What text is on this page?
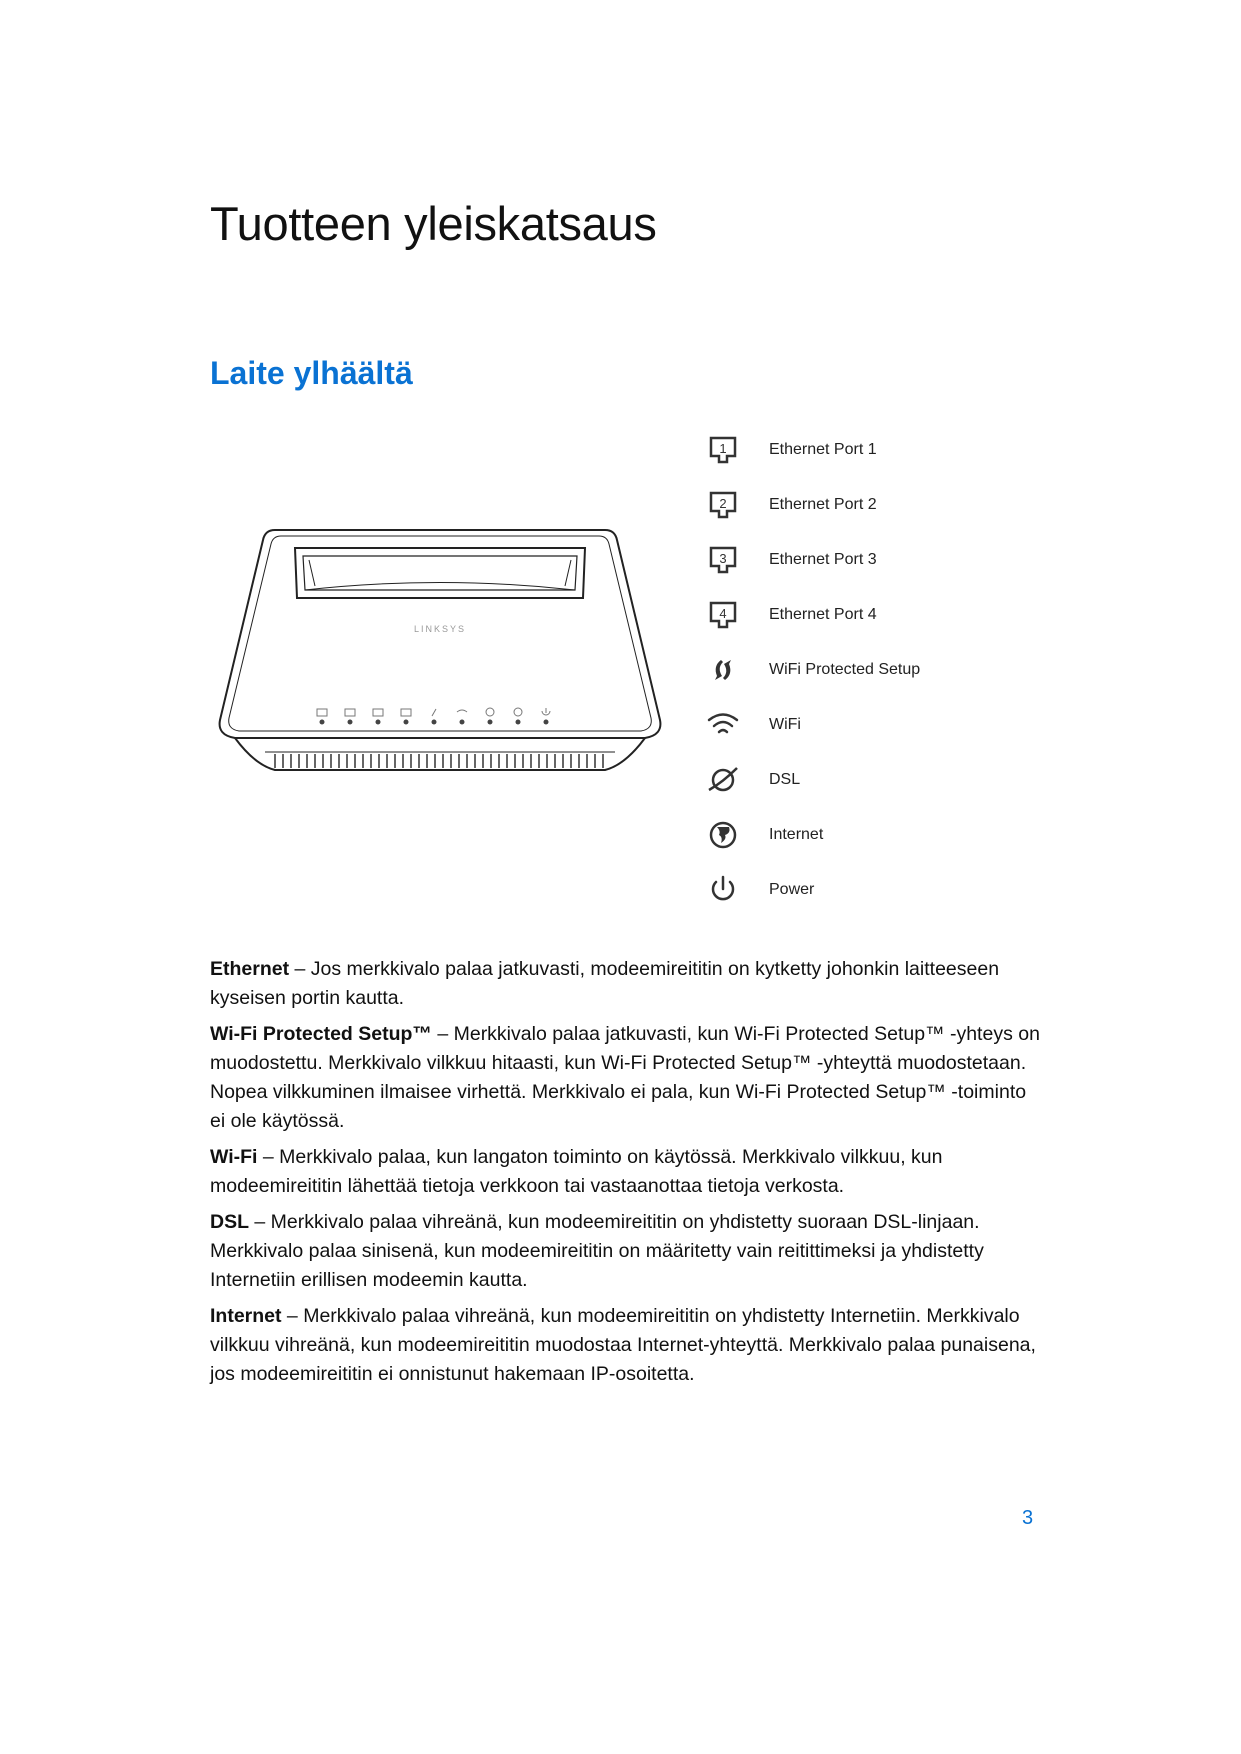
Tuotteen yleiskatsaus
Laite ylhäältä
LINKSYS
1	Ethernet Port 1
2	Ethernet Port 2
3	Ethernet Port 3
4	Ethernet Port 4
WiFi Protected Setup
WiFi
DSL
Internet
Power

Ethernet – Jos merkkivalo palaa jatkuvasti, modeemireititin on kytketty johonkin laitteeseen kyseisen portin kautta.

Wi-Fi Protected Setup™ – Merkkivalo palaa jatkuvasti, kun Wi-Fi Protected Setup™ -yhteys on muodostettu. Merkkivalo vilkkuu hitaasti, kun Wi-Fi Protected Setup™ -yhteyttä muodostetaan. Nopea vilkkuminen ilmaisee virhettä. Merkkivalo ei pala, kun Wi-Fi Protected Setup™ -toiminto ei ole käytössä.

Wi-Fi – Merkkivalo palaa, kun langaton toiminto on käytössä. Merkkivalo vilkkuu, kun modeemireititin lähettää tietoja verkkoon tai vastaanottaa tietoja verkosta.

DSL – Merkkivalo palaa vihreänä, kun modeemireititin on yhdistetty suoraan DSL-linjaan. Merkkivalo palaa sinisenä, kun modeemireititin on määritetty vain reitittimeksi ja yhdistetty Internetiin erillisen modeemin kautta.

Internet – Merkkivalo palaa vihreänä, kun modeemireititin on yhdistetty Internetiin. Merkkivalo vilkkuu vihreänä, kun modeemireititin muodostaa Internet-yhteyttä. Merkkivalo palaa punaisena, jos modeemireititin ei onnistunut hakemaan IP-osoitetta.

3
